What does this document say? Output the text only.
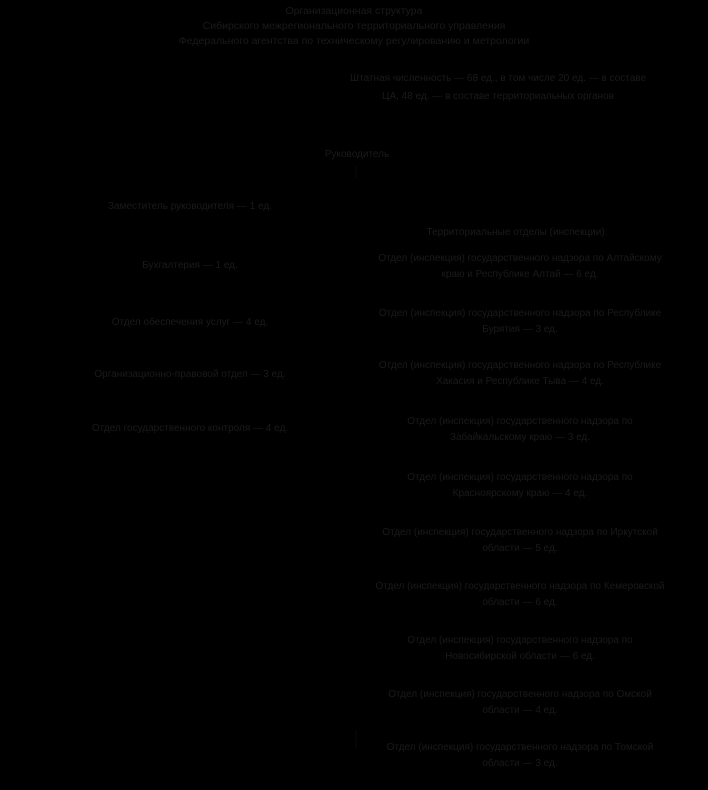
Организационная структура
Сибирского межрегионального территориального управления
Федерального агентства по техническому регулированию и метрологии
Штатная численность — 68 ед., в том числе 20 ед. — в составе ЦА, 48 ед. — в составе территориальных органов
Руководитель
Заместитель руководителя — 1 ед.
Бухгалтерия — 1 ед.
Отдел обеспечения услуг — 4 ед.
Организационно-правовой отдел — 3 ед.
Отдел государственного контроля — 4 ед.
Территориальные отделы (инспекции):
Отдел (инспекция) государственного надзора по Алтайскому краю и Республике Алтай — 6 ед.
Отдел (инспекция) государственного надзора по Республике Бурятия — 3 ед.
Отдел (инспекция) государственного надзора по Республике Хакасия и Республике Тыва — 4 ед.
Отдел (инспекция) государственного надзора по Забайкальскому краю — 3 ед.
Отдел (инспекция) государственного надзора по Красноярскому краю — 4 ед.
Отдел (инспекция) государственного надзора по Иркутской области — 5 ед.
Отдел (инспекция) государственного надзора по Кемеровской области — 6 ед.
Отдел (инспекция) государственного надзора по Новосибирской области — 6 ед.
Отдел (инспекция) государственного надзора по Омской области — 4 ед.
Отдел (инспекция) государственного надзора по Томской области — 3 ед.
